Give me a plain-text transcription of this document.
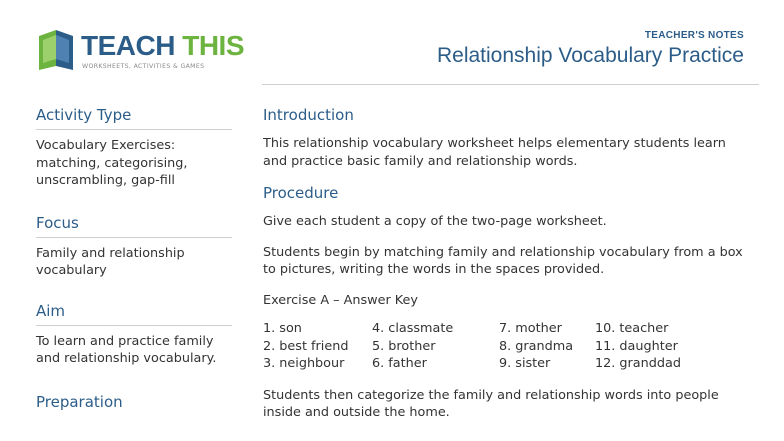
TEACH THIS
WORKSHEETS, ACTIVITIES & GAMES
TEACHER'S NOTES
Relationship Vocabulary Practice
Activity Type
Vocabulary Exercises: matching, categorising, unscrambling, gap-fill
Focus
Family and relationship vocabulary
Aim
To learn and practice family and relationship vocabulary.
Preparation
Introduction

This relationship vocabulary worksheet helps elementary students learn and practice basic family and relationship words.

Procedure

Give each student a copy of the two-page worksheet.

Students begin by matching family and relationship vocabulary from a box to pictures, writing the words in the spaces provided.

Exercise A – Answer Key

1. son	4. classmate	7. mother	10. teacher
2. best friend	5. brother	8. grandma	11. daughter
3. neighbour	6. father	9. sister	12. granddad

Students then categorize the family and relationship words into people inside and outside the home.
